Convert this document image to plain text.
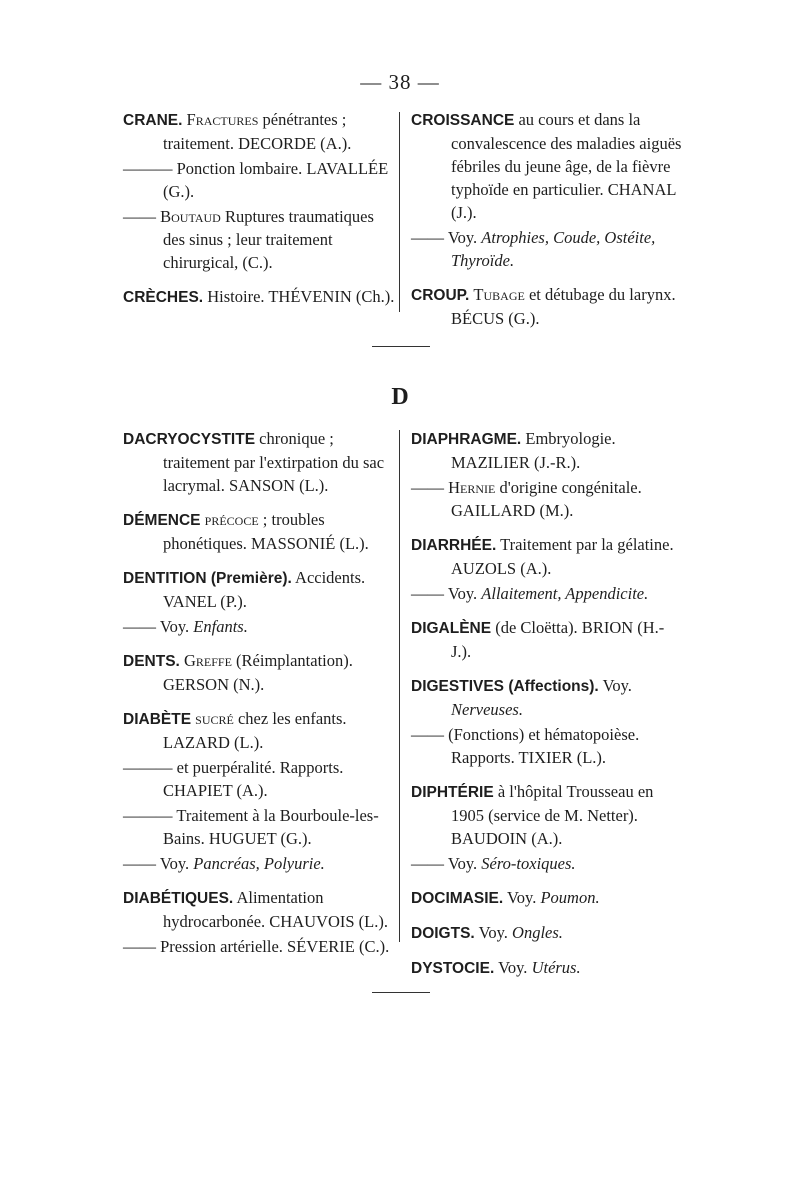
— 38 —
CRANE. Fractures pénétrantes ; traitement. DECORDE (A.).
——— Ponction lombaire. LAVALLÉE (G.).
—— Boutaud Ruptures traumatiques des sinus ; leur traitement chirurgical, (C.).
CRÈCHES. Histoire. THÉVENIN (Ch.).
CROISSANCE au cours et dans la convalescence des maladies aiguës fébriles du jeune âge, de la fièvre typhoïde en particulier. CHANAL (J.).
—— Voy. Atrophies, Coude, Ostéite, Thyroïde.
CROUP. Tubage et détubage du larynx. BÉCUS (G.).
D
DACRYOCYSTITE chronique ; traitement par l'extirpation du sac lacrymal. SANSON (L.).
DÉMENCE précoce ; troubles phonétiques. MASSONIÉ (L.).
DENTITION (Première). Accidents. VANEL (P.).
—— Voy. Enfants.
DENTS. Greffe (Réimplantation). GERSON (N.).
DIABÈTE sucré chez les enfants. LAZARD (L.).
——— et puerpéralité. Rapports. CHAPIET (A.).
——— Traitement à la Bourboule-les-Bains. HUGUET (G.).
—— Voy. Pancréas, Polyurie.
DIABÉTIQUES. Alimentation hydrocarbonée. CHAUVOIS (L.).
—— Pression artérielle. SÉVERIE (C.).
DIAPHRAGME. Embryologie. MAZILIER (J.-R.).
—— Hernie d'origine congénitale. GAILLARD (M.).
DIARRHÉE. Traitement par la gélatine. AUZOLS (A.).
—— Voy. Allaitement, Appendicite.
DIGALÈNE (de Cloëtta). BRION (H.-J.).
DIGESTIVES (Affections). Voy. Nerveuses.
—— (Fonctions) et hématopoièse. Rapports. TIXIER (L.).
DIPHTÉRIE à l'hôpital Trousseau en 1905 (service de M. Netter). BAUDOIN (A.).
—— Voy. Séro-toxiques.
DOCIMASIE. Voy. Poumon.
DOIGTS. Voy. Ongles.
DYSTOCIE. Voy. Utérus.
